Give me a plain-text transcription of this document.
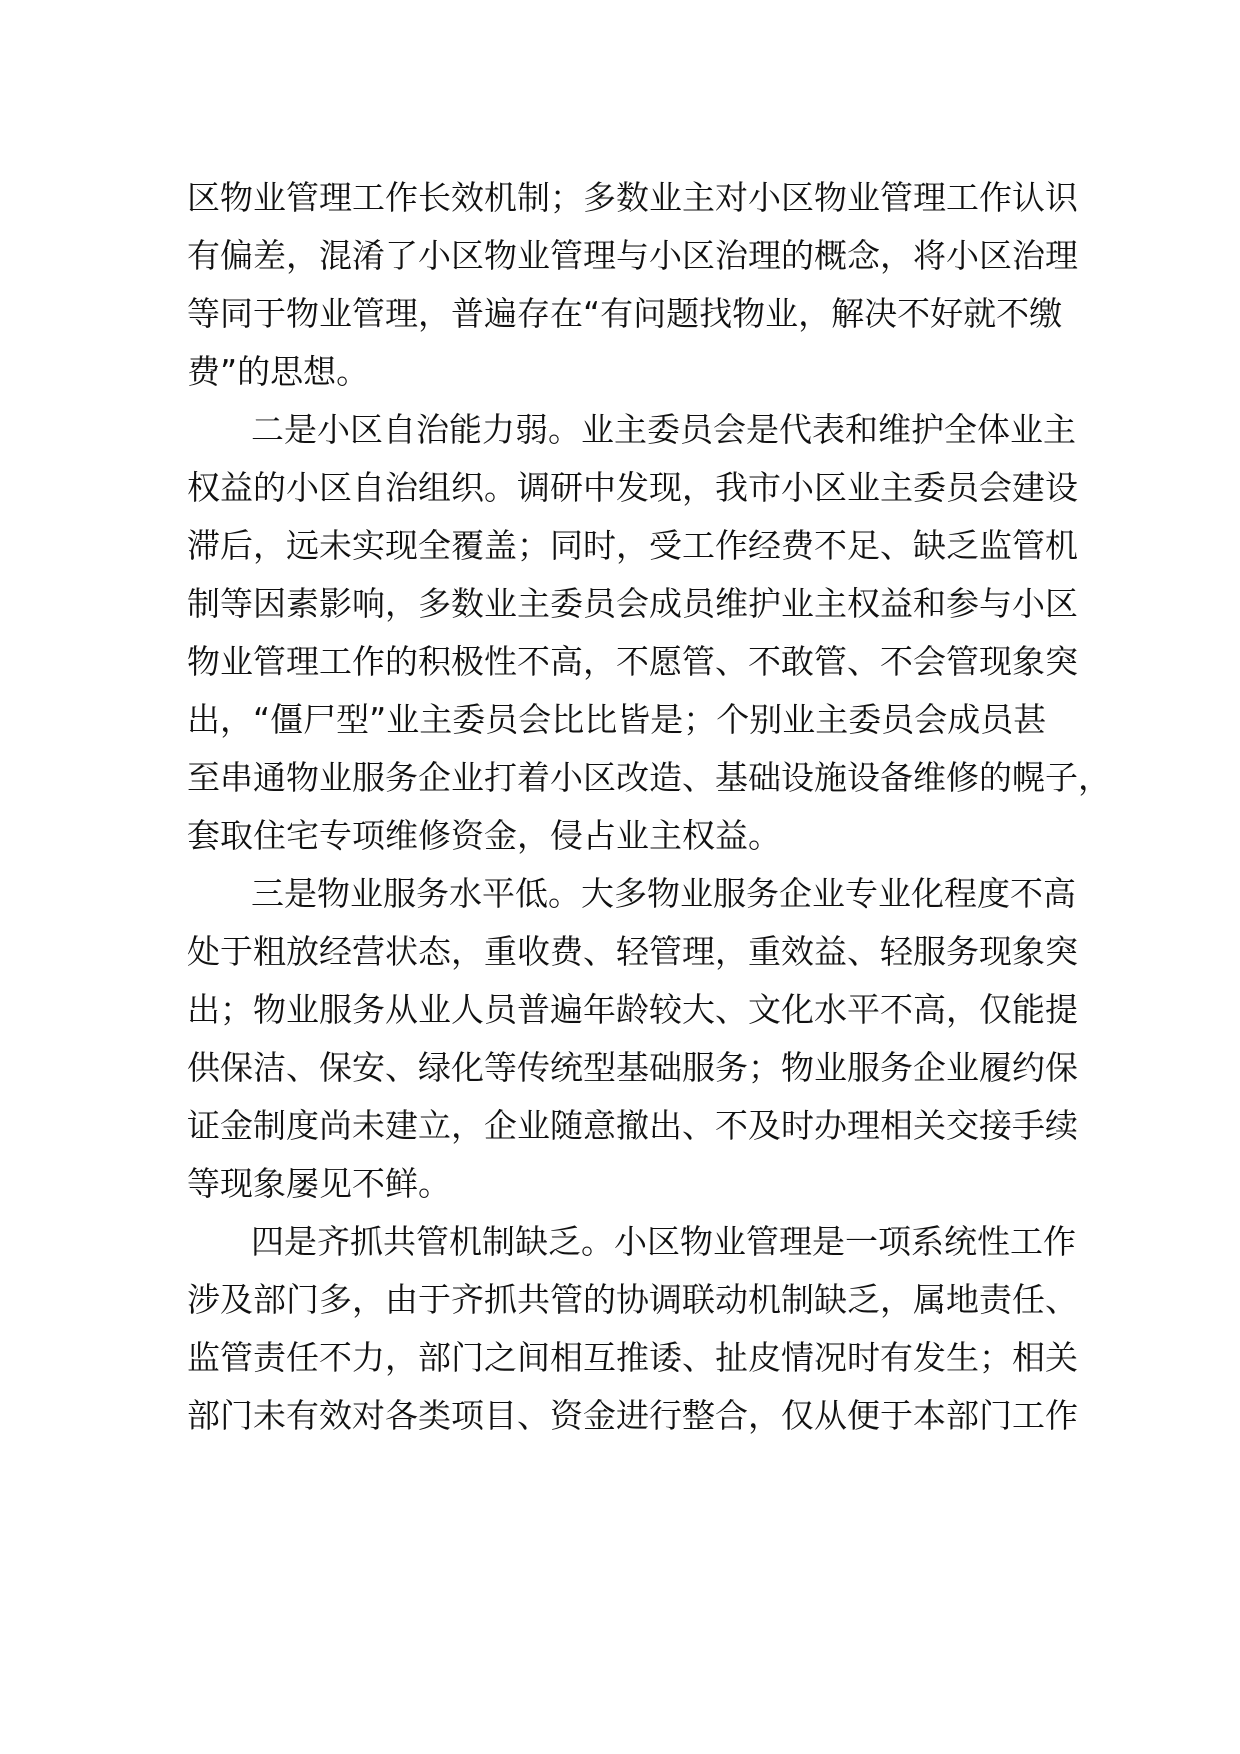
区物业管理工作长效机制；多数业主对小区物业管理工作认识
有偏差，混淆了小区物业管理与小区治理的概念，将小区治理
等同于物业管理，普遍存在“有问题找物业，解决不好就不缴
费”的思想。
二是小区自治能力弱。业主委员会是代表和维护全体业主
权益的小区自治组织。调研中发现，我市小区业主委员会建设
滞后，远未实现全覆盖；同时，受工作经费不足、缺乏监管机
制等因素影响，多数业主委员会成员维护业主权益和参与小区
物业管理工作的积极性不高，不愿管、不敢管、不会管现象突
出，“僵尸型”业主委员会比比皆是；个别业主委员会成员甚
至串通物业服务企业打着小区改造、基础设施设备维修的幌子，
套取住宅专项维修资金，侵占业主权益。
三是物业服务水平低。大多物业服务企业专业化程度不高
处于粗放经营状态，重收费、轻管理，重效益、轻服务现象突
出；物业服务从业人员普遍年龄较大、文化水平不高，仅能提
供保洁、保安、绿化等传统型基础服务；物业服务企业履约保
证金制度尚未建立，企业随意撤出、不及时办理相关交接手续
等现象屡见不鲜。
四是齐抓共管机制缺乏。小区物业管理是一项系统性工作
涉及部门多，由于齐抓共管的协调联动机制缺乏，属地责任、
监管责任不力，部门之间相互推诿、扯皮情况时有发生；相关
部门未有效对各类项目、资金进行整合，仅从便于本部门工作
